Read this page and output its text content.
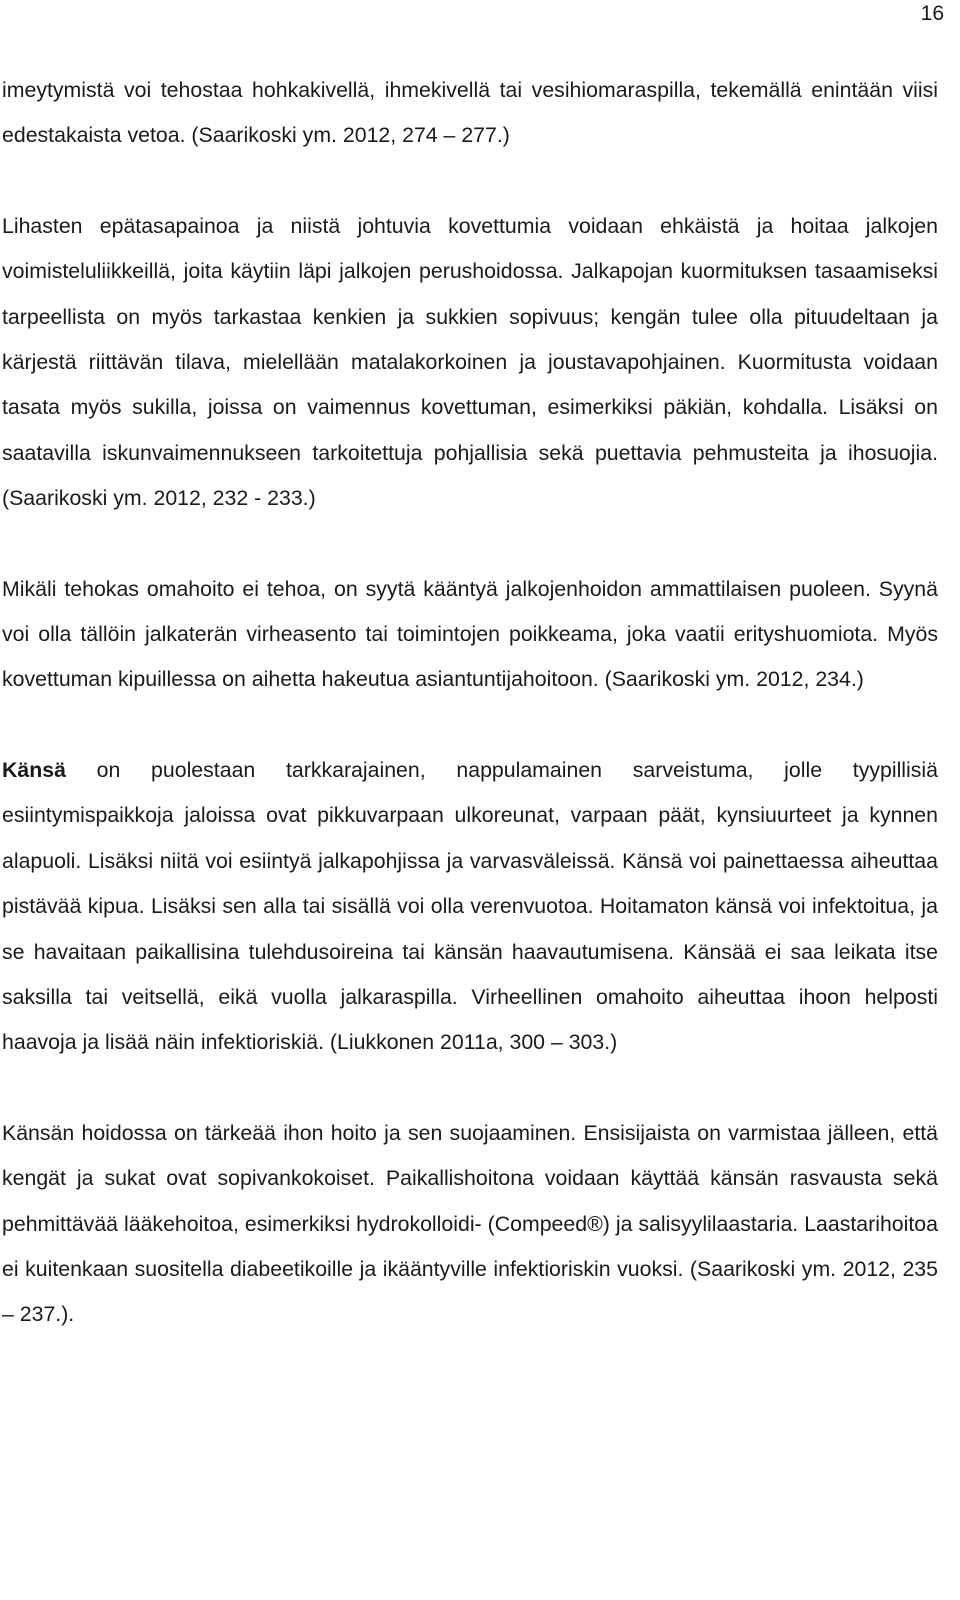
16

imeytymistä voi tehostaa hohkakivellä, ihmekivellä tai vesihiomaraspilla, tekemällä enintään viisi edestakaista vetoa. (Saarikoski ym. 2012, 274 – 277.)

Lihasten epätasapainoa ja niistä johtuvia kovettumia voidaan ehkäistä ja hoitaa jalkojen voimisteluliikkeillä, joita käytiin läpi jalkojen perushoidossa. Jalkapojan kuormituksen tasaamiseksi tarpeellista on myös tarkastaa kenkien ja sukkien sopivuus; kengän tulee olla pituudeltaan ja kärjestä riittävän tilava, mielellään matalakorkoinen ja joustavapohjainen. Kuormitusta voidaan tasata myös sukilla, joissa on vaimennus kovettuman, esimerkiksi päkiän, kohdalla. Lisäksi on saatavilla iskunvaimennukseen tarkoitettuja pohjallisia sekä puettavia pehmusteita ja ihosuojia. (Saarikoski ym. 2012, 232 - 233.)

Mikäli tehokas omahoito ei tehoa, on syytä kääntyä jalkojenhoidon ammattilaisen puoleen. Syynä voi olla tällöin jalkaterän virheasento tai toimintojen poikkeama, joka vaatii erityshuomiota. Myös kovettuman kipuillessa on aihetta hakeutua asiantuntijahoitoon. (Saarikoski ym. 2012, 234.)

Känsä on puolestaan tarkkarajainen, nappulamainen sarveistuma, jolle tyypillisiä esiintymispaikkoja jaloissa ovat pikkuvarpaan ulkoreunat, varpaan päät, kynsiuurteet ja kynnen alapuoli. Lisäksi niitä voi esiintyä jalkapohjissa ja varvasväleissä. Känsä voi painettaessa aiheuttaa pistävää kipua. Lisäksi sen alla tai sisällä voi olla verenvuotoa. Hoitamaton känsä voi infektoitua, ja se havaitaan paikallisina tulehdusoireina tai känsän haavautumisena. Känsää ei saa leikata itse saksilla tai veitsellä, eikä vuolla jalkaraspilla. Virheellinen omahoito aiheuttaa ihoon helposti haavoja ja lisää näin infektioriskiä. (Liukkonen 2011a, 300 – 303.)

Känsän hoidossa on tärkeää ihon hoito ja sen suojaaminen. Ensisijaista on varmistaa jälleen, että kengät ja sukat ovat sopivankokoiset. Paikallishoitona voidaan käyttää känsän rasvausta sekä pehmittävää lääkehoitoa, esimerkiksi hydrokolloidi- (Compeed®) ja salisyylilaastaria. Laastarihoitoa ei kuitenkaan suositella diabeetikoille ja ikääntyville infektioriskin vuoksi. (Saarikoski ym. 2012, 235 – 237.).
